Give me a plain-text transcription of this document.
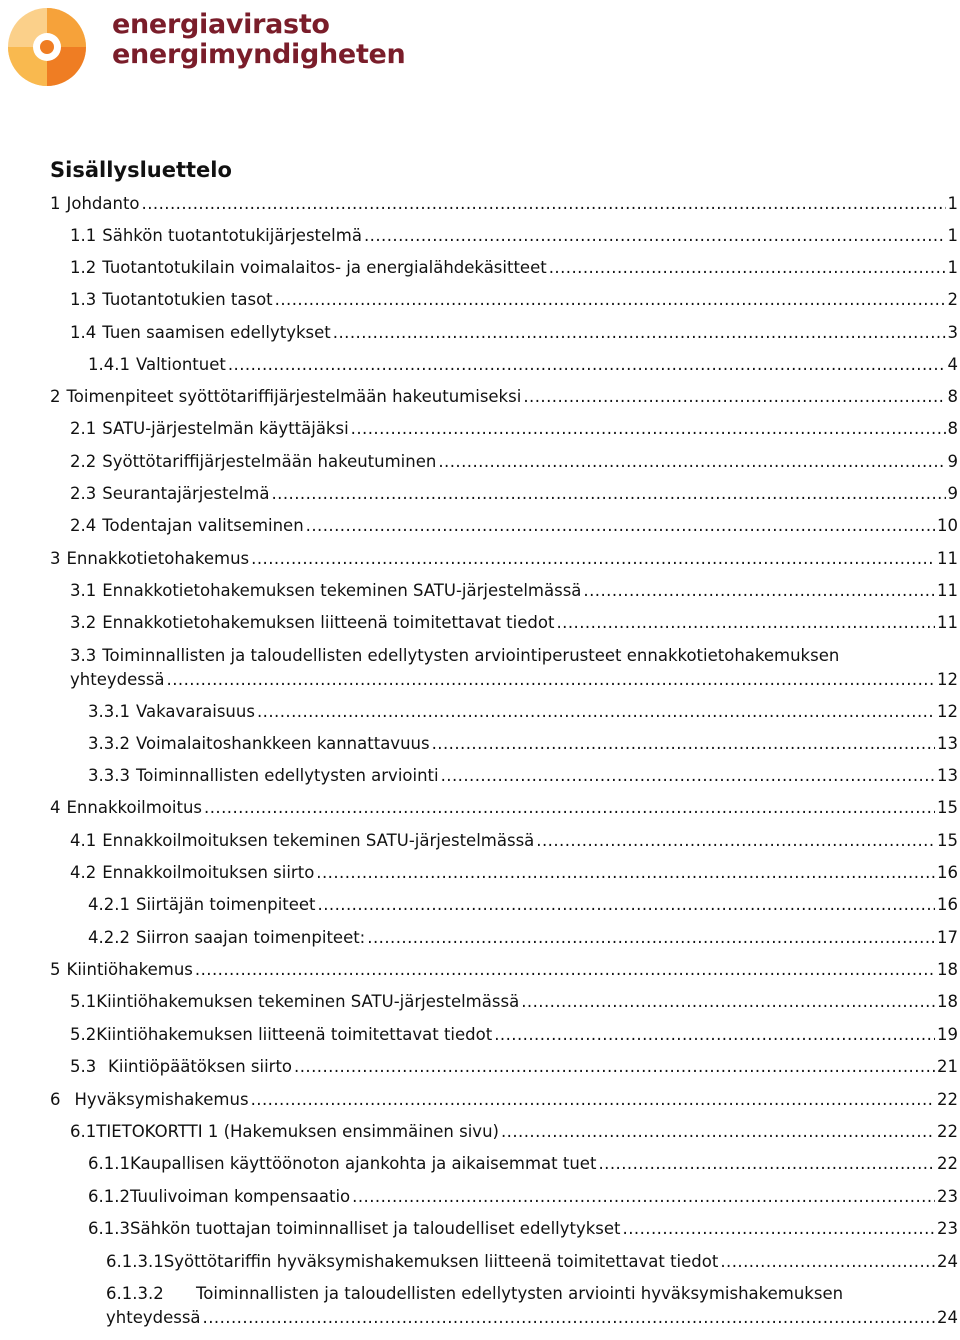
energiavirasto
energimyndigheten
Sisällysluettelo
1 Johdanto . . .	1
1.1 Sähkön tuotantotukijärjestelmä . . .	1
1.2 Tuotantotukilain voimalaitos- ja energialähdekäsitteet . . .	1
1.3 Tuotantotukien tasot . . .	2
1.4 Tuen saamisen edellytykset . . .	3
1.4.1 Valtiontuet . . .	4
2 Toimenpiteet syöttötariffijärjestelmään hakeutumiseksi . . .	8
2.1 SATU-järjestelmän käyttäjäksi . . .	8
2.2 Syöttötariffijärjestelmään hakeutuminen . . .	9
2.3 Seurantajärjestelmä . . .	9
2.4 Todentajan valitseminen . . .	10
3 Ennakkotietohakemus . . .	11
3.1 Ennakkotietohakemuksen tekeminen SATU-järjestelmässä . . .	11
3.2 Ennakkotietohakemuksen liitteenä toimitettavat tiedot . . .	11
3.3 Toiminnallisten ja taloudellisten edellytysten arviointiperusteet ennakkotietohakemuksen
yhteydessä . . .	12
3.3.1 Vakavaraisuus . . .	12
3.3.2 Voimalaitoshankkeen kannattavuus . . .	13
3.3.3 Toiminnallisten edellytysten arviointi . . .	13
4 Ennakkoilmoitus . . .	15
4.1 Ennakkoilmoituksen tekeminen SATU-järjestelmässä . . .	15
4.2 Ennakkoilmoituksen siirto . . .	16
4.2.1 Siirtäjän toimenpiteet . . .	16
4.2.2 Siirron saajan toimenpiteet: . . .	17
5 Kiintiöhakemus . . .	18
5.1 Kiintiöhakemuksen tekeminen SATU-järjestelmässä . . .	18
5.2 Kiintiöhakemuksen liitteenä toimitettavat tiedot . . .	19
5.3 Kiintiöpäätöksen siirto . . .	21
6 Hyväksymishakemus . . .	22
6.1 TIETOKORTTI 1 (Hakemuksen ensimmäinen sivu) . . .	22
6.1.1 Kaupallisen käyttöönoton ajankohta ja aikaisemmat tuet . . .	22
6.1.2 Tuulivoiman kompensaatio . . .	23
6.1.3 Sähkön tuottajan toiminnalliset ja taloudelliset edellytykset . . .	23
6.1.3.1 Syöttötariffin hyväksymishakemuksen liitteenä toimitettavat tiedot . . .	24
6.1.3.2 Toiminnallisten ja taloudellisten edellytysten arviointi hyväksymishakemuksen
yhteydessä . . .	24
